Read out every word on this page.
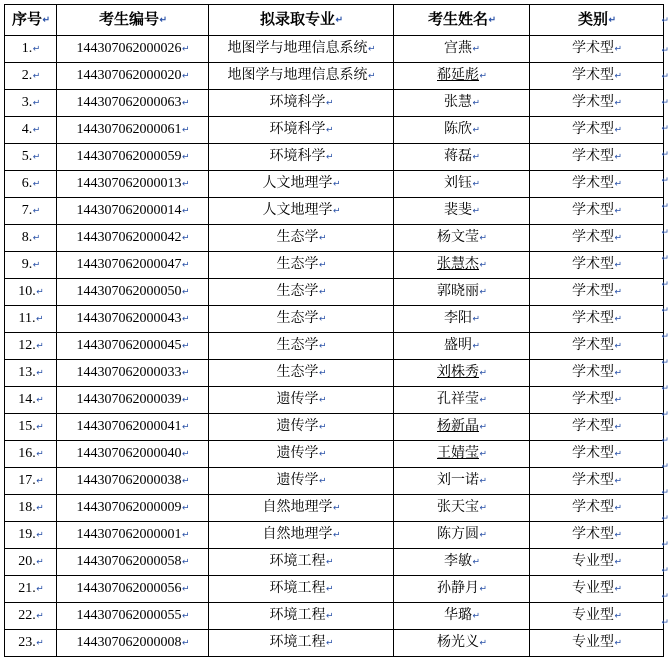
序号 ↵	考生编号 ↵	拟录取专业 ↵	考生姓名 ↵	类别 ↵

1. ↵	144307062000026 ↵	地图学与地理信息系统 ↵	宫燕 ↵	学术型 ↵

2. ↵	144307062000020 ↵	地图学与地理信息系统 ↵	郗延彪 ↵	学术型 ↵

3. ↵	144307062000063 ↵	环境科学 ↵	张慧 ↵	学术型 ↵

4. ↵	144307062000061 ↵	环境科学 ↵	陈欣 ↵	学术型 ↵

5. ↵	144307062000059 ↵	环境科学 ↵	蒋磊 ↵	学术型 ↵

6. ↵	144307062000013 ↵	人文地理学 ↵	刘钰 ↵	学术型 ↵

7. ↵	144307062000014 ↵	人文地理学 ↵	裴斐 ↵	学术型 ↵

8. ↵	144307062000042 ↵	生态学 ↵	杨文莹 ↵	学术型 ↵

9. ↵	144307062000047 ↵	生态学 ↵	张慧杰 ↵	学术型 ↵

10. ↵	144307062000050 ↵	生态学 ↵	郭晓丽 ↵	学术型 ↵

11. ↵	144307062000043 ↵	生态学 ↵	李阳 ↵	学术型 ↵

12. ↵	144307062000045 ↵	生态学 ↵	盛明 ↵	学术型 ↵

13. ↵	144307062000033 ↵	生态学 ↵	刘株秀 ↵	学术型 ↵

14. ↵	144307062000039 ↵	遗传学 ↵	孔祥莹 ↵	学术型 ↵

15. ↵	144307062000041 ↵	遗传学 ↵	杨新晶 ↵	学术型 ↵

16. ↵	144307062000040 ↵	遗传学 ↵	王婧莹 ↵	学术型 ↵

17. ↵	144307062000038 ↵	遗传学 ↵	刘一诺 ↵	学术型 ↵

18. ↵	144307062000009 ↵	自然地理学 ↵	张天宝 ↵	学术型 ↵

19. ↵	144307062000001 ↵	自然地理学 ↵	陈方圆 ↵	学术型 ↵

20. ↵	144307062000058 ↵	环境工程 ↵	李敏 ↵	专业型 ↵

21. ↵	144307062000056 ↵	环境工程 ↵	孙静月 ↵	专业型 ↵

22. ↵	144307062000055 ↵	环境工程 ↵	华璐 ↵	专业型 ↵

23. ↵	144307062000008 ↵	环境工程 ↵	杨光义 ↵	专业型 ↵
↵
↵
↵
↵
↵
↵
↵
↵
↵
↵
↵
↵
↵
↵
↵
↵
↵
↵
↵
↵
↵
↵
↵
↵
